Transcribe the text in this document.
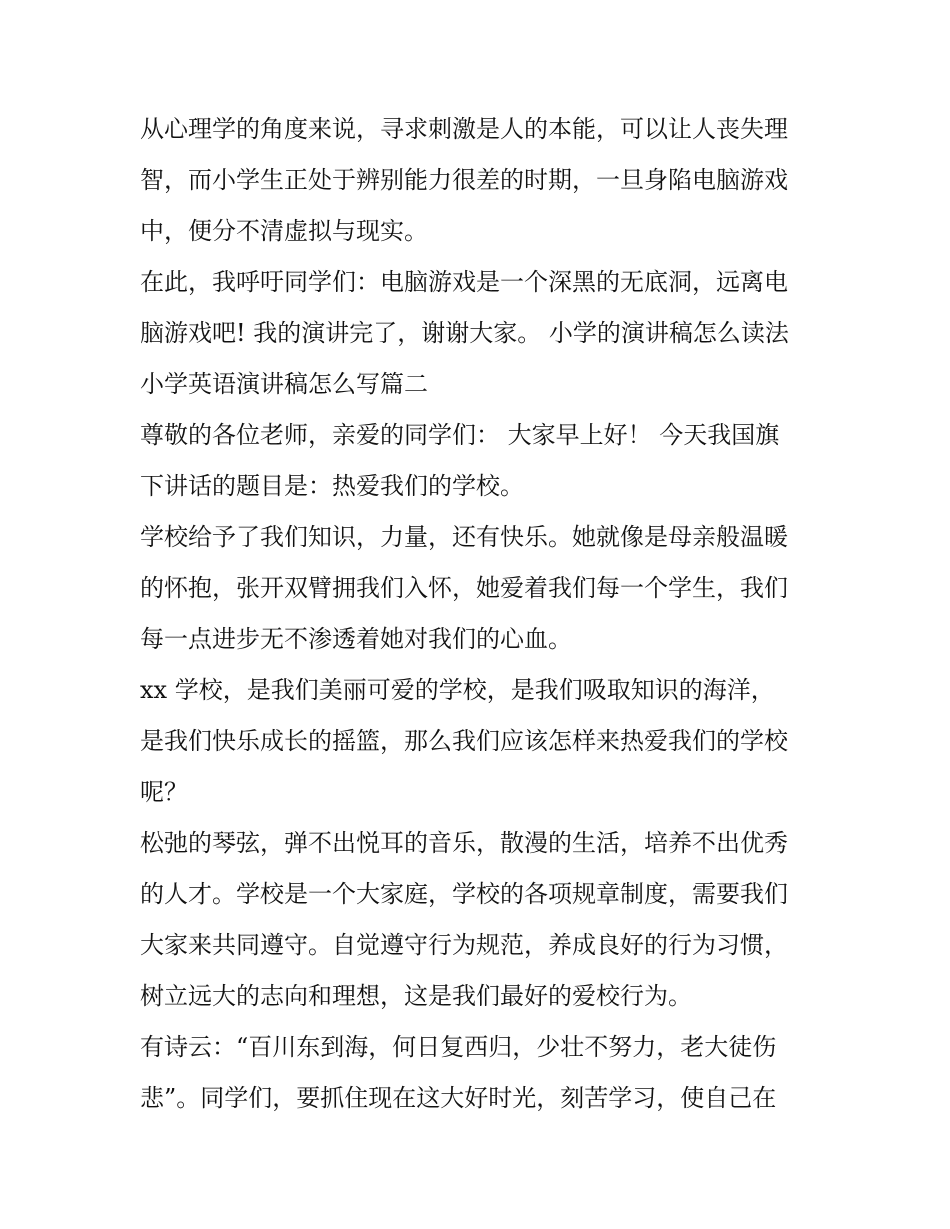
从心理学的角度来说，寻求刺激是人的本能，可以让人丧失理
智，而小学生正处于辨别能力很差的时期，一旦身陷电脑游戏
中，便分不清虚拟与现实。
在此，我呼吁同学们：电脑游戏是一个深黑的无底洞，远离电
脑游戏吧! 我的演讲完了，谢谢大家。 小学的演讲稿怎么读法
小学英语演讲稿怎么写篇二
尊敬的各位老师，亲爱的同学们： 大家早上好！ 今天我国旗
下讲话的题目是：热爱我们的学校。
学校给予了我们知识，力量，还有快乐。她就像是母亲般温暖
的怀抱，张开双臂拥我们入怀，她爱着我们每一个学生，我们
每一点进步无不渗透着她对我们的心血。
xx 学校，是我们美丽可爱的学校，是我们吸取知识的海洋，
是我们快乐成长的摇篮，那么我们应该怎样来热爱我们的学校
呢？
松弛的琴弦，弹不出悦耳的音乐，散漫的生活，培养不出优秀
的人才。学校是一个大家庭，学校的各项规章制度，需要我们
大家来共同遵守。自觉遵守行为规范，养成良好的行为习惯，
树立远大的志向和理想，这是我们最好的爱校行为。
有诗云：“百川东到海，何日复西归，少壮不努力，老大徒伤
悲”。同学们，要抓住现在这大好时光，刻苦学习，使自己在
